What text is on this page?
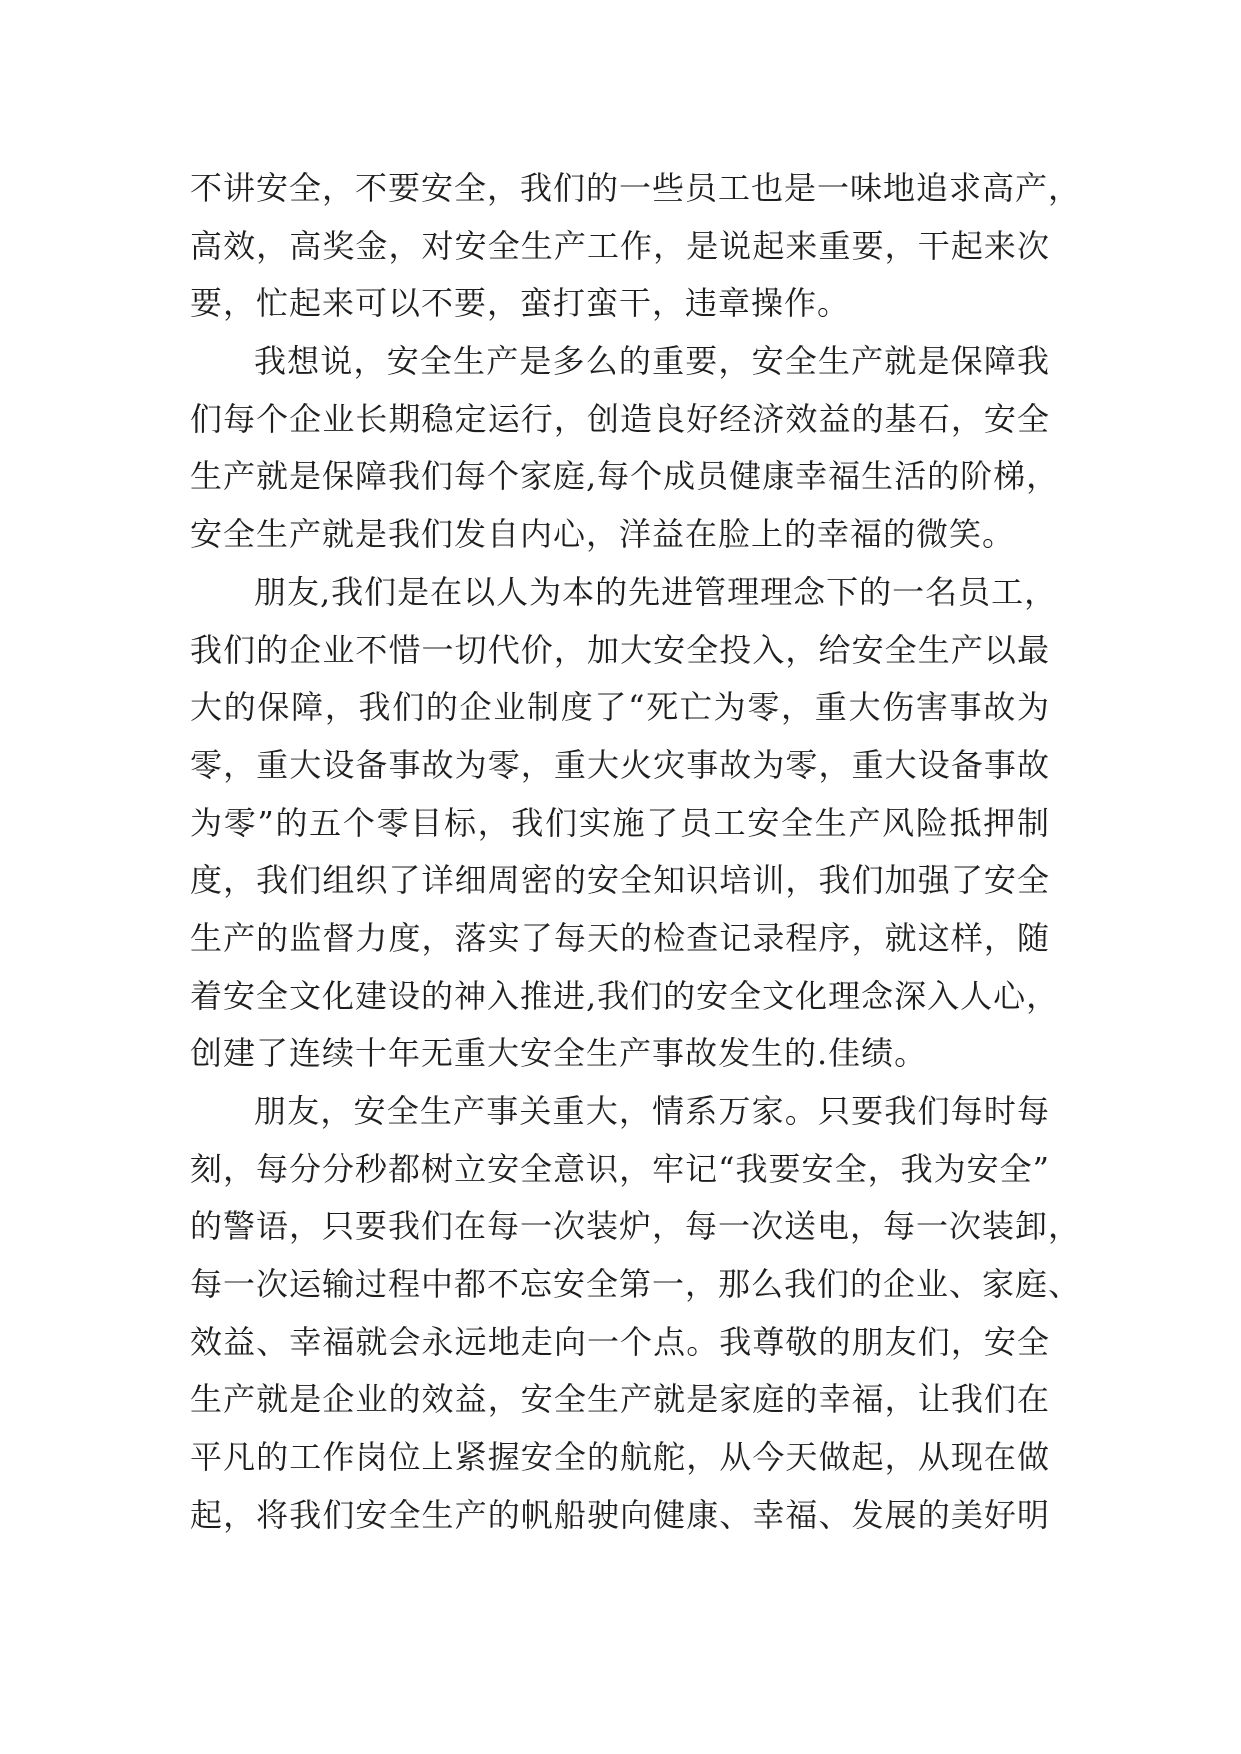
不讲安全，不要安全，我们的一些员工也是一味地追求高产，
高效，高奖金，对安全生产工作，是说起来重要，干起来次
要，忙起来可以不要，蛮打蛮干，违章操作。
我想说，安全生产是多么的重要，安全生产就是保障我
们每个企业长期稳定运行，创造良好经济效益的基石，安全
生产就是保障我们每个家庭,每个成员健康幸福生活的阶梯，
安全生产就是我们发自内心，洋益在脸上的幸福的微笑。
朋友,我们是在以人为本的先进管理理念下的一名员工，
我们的企业不惜一切代价，加大安全投入，给安全生产以最
大的保障，我们的企业制度了“死亡为零，重大伤害事故为
零，重大设备事故为零，重大火灾事故为零，重大设备事故
为零”的五个零目标，我们实施了员工安全生产风险抵押制
度，我们组织了详细周密的安全知识培训，我们加强了安全
生产的监督力度，落实了每天的检查记录程序，就这样，随
着安全文化建设的神入推进,我们的安全文化理念深入人心，
创建了连续十年无重大安全生产事故发生的.佳绩。
朋友，安全生产事关重大，情系万家。只要我们每时每
刻，每分分秒都树立安全意识，牢记“我要安全，我为安全”
的警语，只要我们在每一次装炉，每一次送电，每一次装卸，
每一次运输过程中都不忘安全第一，那么我们的企业、家庭、
效益、幸福就会永远地走向一个点。我尊敬的朋友们，安全
生产就是企业的效益，安全生产就是家庭的幸福，让我们在
平凡的工作岗位上紧握安全的航舵，从今天做起，从现在做
起，将我们安全生产的帆船驶向健康、幸福、发展的美好明
